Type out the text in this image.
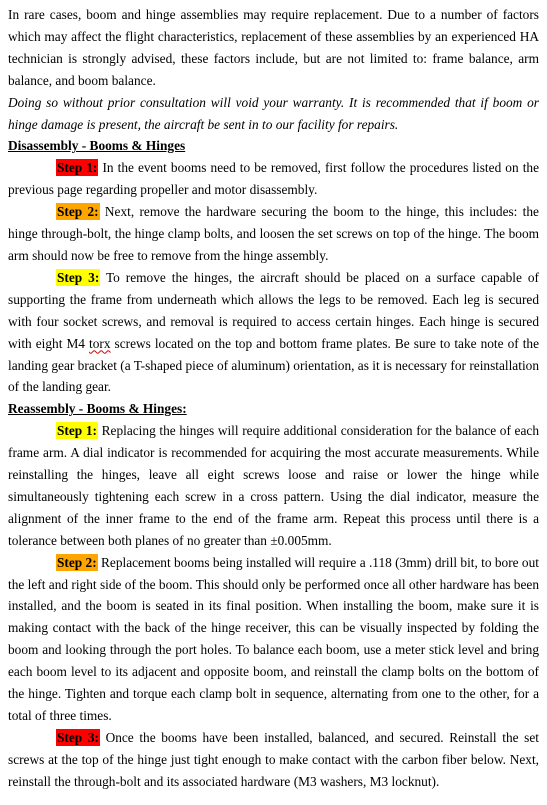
In rare cases, boom and hinge assemblies may require replacement. Due to a number of factors which may affect the flight characteristics, replacement of these assemblies by an experienced HA technician is strongly advised, these factors include, but are not limited to: frame balance, arm balance, and boom balance.

Doing so without prior consultation will void your warranty. It is recommended that if boom or hinge damage is present, the aircraft be sent in to our facility for repairs.

Disassembly - Booms & Hinges

Step 1: In the event booms need to be removed, first follow the procedures listed on the previous page regarding propeller and motor disassembly.

Step 2: Next, remove the hardware securing the boom to the hinge, this includes: the hinge through-bolt, the hinge clamp bolts, and loosen the set screws on top of the hinge. The boom arm should now be free to remove from the hinge assembly.

Step 3: To remove the hinges, the aircraft should be placed on a surface capable of supporting the frame from underneath which allows the legs to be removed. Each leg is secured with four socket screws, and removal is required to access certain hinges. Each hinge is secured with eight M4 torx screws located on the top and bottom frame plates. Be sure to take note of the landing gear bracket (a T-shaped piece of aluminum) orientation, as it is necessary for reinstallation of the landing gear.

Reassembly - Booms & Hinges:

Step 1: Replacing the hinges will require additional consideration for the balance of each frame arm. A dial indicator is recommended for acquiring the most accurate measurements. While reinstalling the hinges, leave all eight screws loose and raise or lower the hinge while simultaneously tightening each screw in a cross pattern. Using the dial indicator, measure the alignment of the inner frame to the end of the frame arm. Repeat this process until there is a tolerance between both planes of no greater than ±0.005mm.

Step 2: Replacement booms being installed will require a .118 (3mm) drill bit, to bore out the left and right side of the boom. This should only be performed once all other hardware has been installed, and the boom is seated in its final position. When installing the boom, make sure it is making contact with the back of the hinge receiver, this can be visually inspected by folding the boom and looking through the port holes. To balance each boom, use a meter stick level and bring each boom level to its adjacent and opposite boom, and reinstall the clamp bolts on the bottom of the hinge. Tighten and torque each clamp bolt in sequence, alternating from one to the other, for a total of three times.

Step 3: Once the booms have been installed, balanced, and secured. Reinstall the set screws at the top of the hinge just tight enough to make contact with the carbon fiber below. Next, reinstall the through-bolt and its associated hardware (M3 washers, M3 locknut).
